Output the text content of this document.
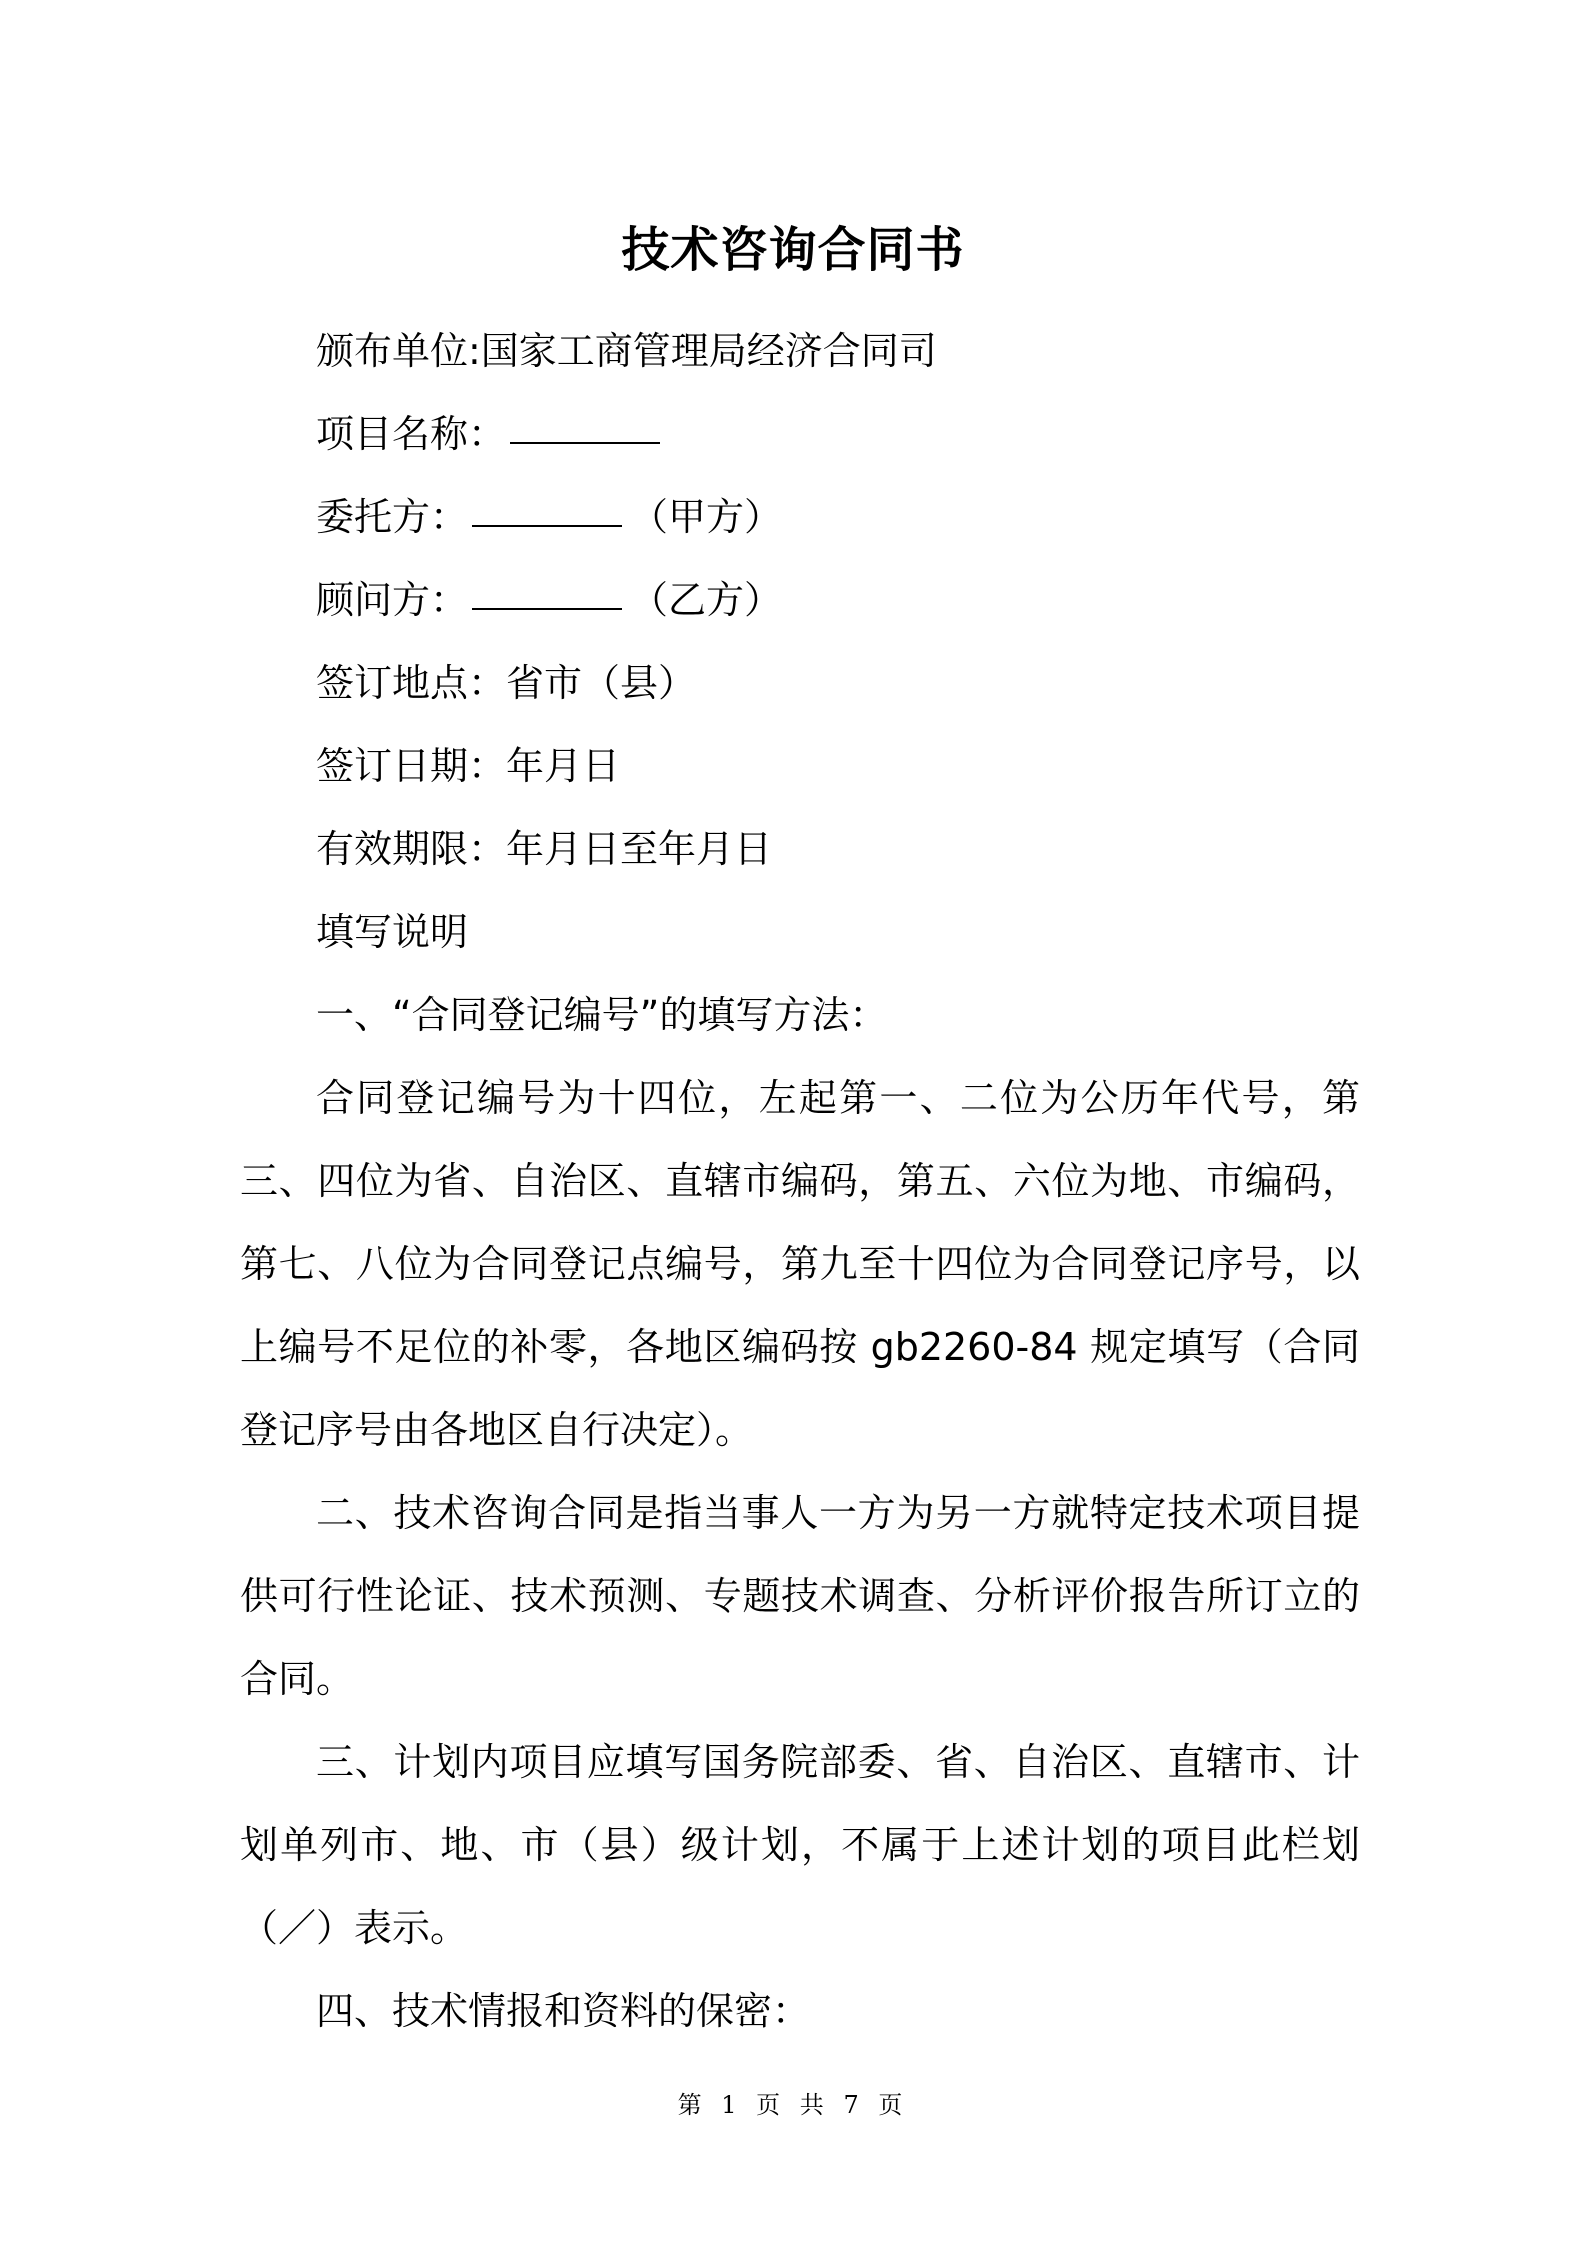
技术咨询合同书
颁布单位:国家工商管理局经济合同司
项目名称：
委托方：	（甲方）
顾问方：	（乙方）
签订地点：省市（县）
签订日期：年月日
有效期限：年月日至年月日
填写说明
一、“合同登记编号”的填写方法：

合同登记编号为十四位，左起第一、二位为公历年代号，第三、四位为省、自治区、直辖市编码，第五、六位为地、市编码，第七、八位为合同登记点编号，第九至十四位为合同登记序号，以上编号不足位的补零，各地区编码按 gb2260-84 规定填写（合同登记序号由各地区自行决定）。

二、技术咨询合同是指当事人一方为另一方就特定技术项目提供可行性论证、技术预测、专题技术调查、分析评价报告所订立的合同。

三、计划内项目应填写国务院部委、省、自治区、直辖市、计划单列市、地、市（县）级计划，不属于上述计划的项目此栏划（／）表示。

四、技术情报和资料的保密：
第 1 页 共 7 页
